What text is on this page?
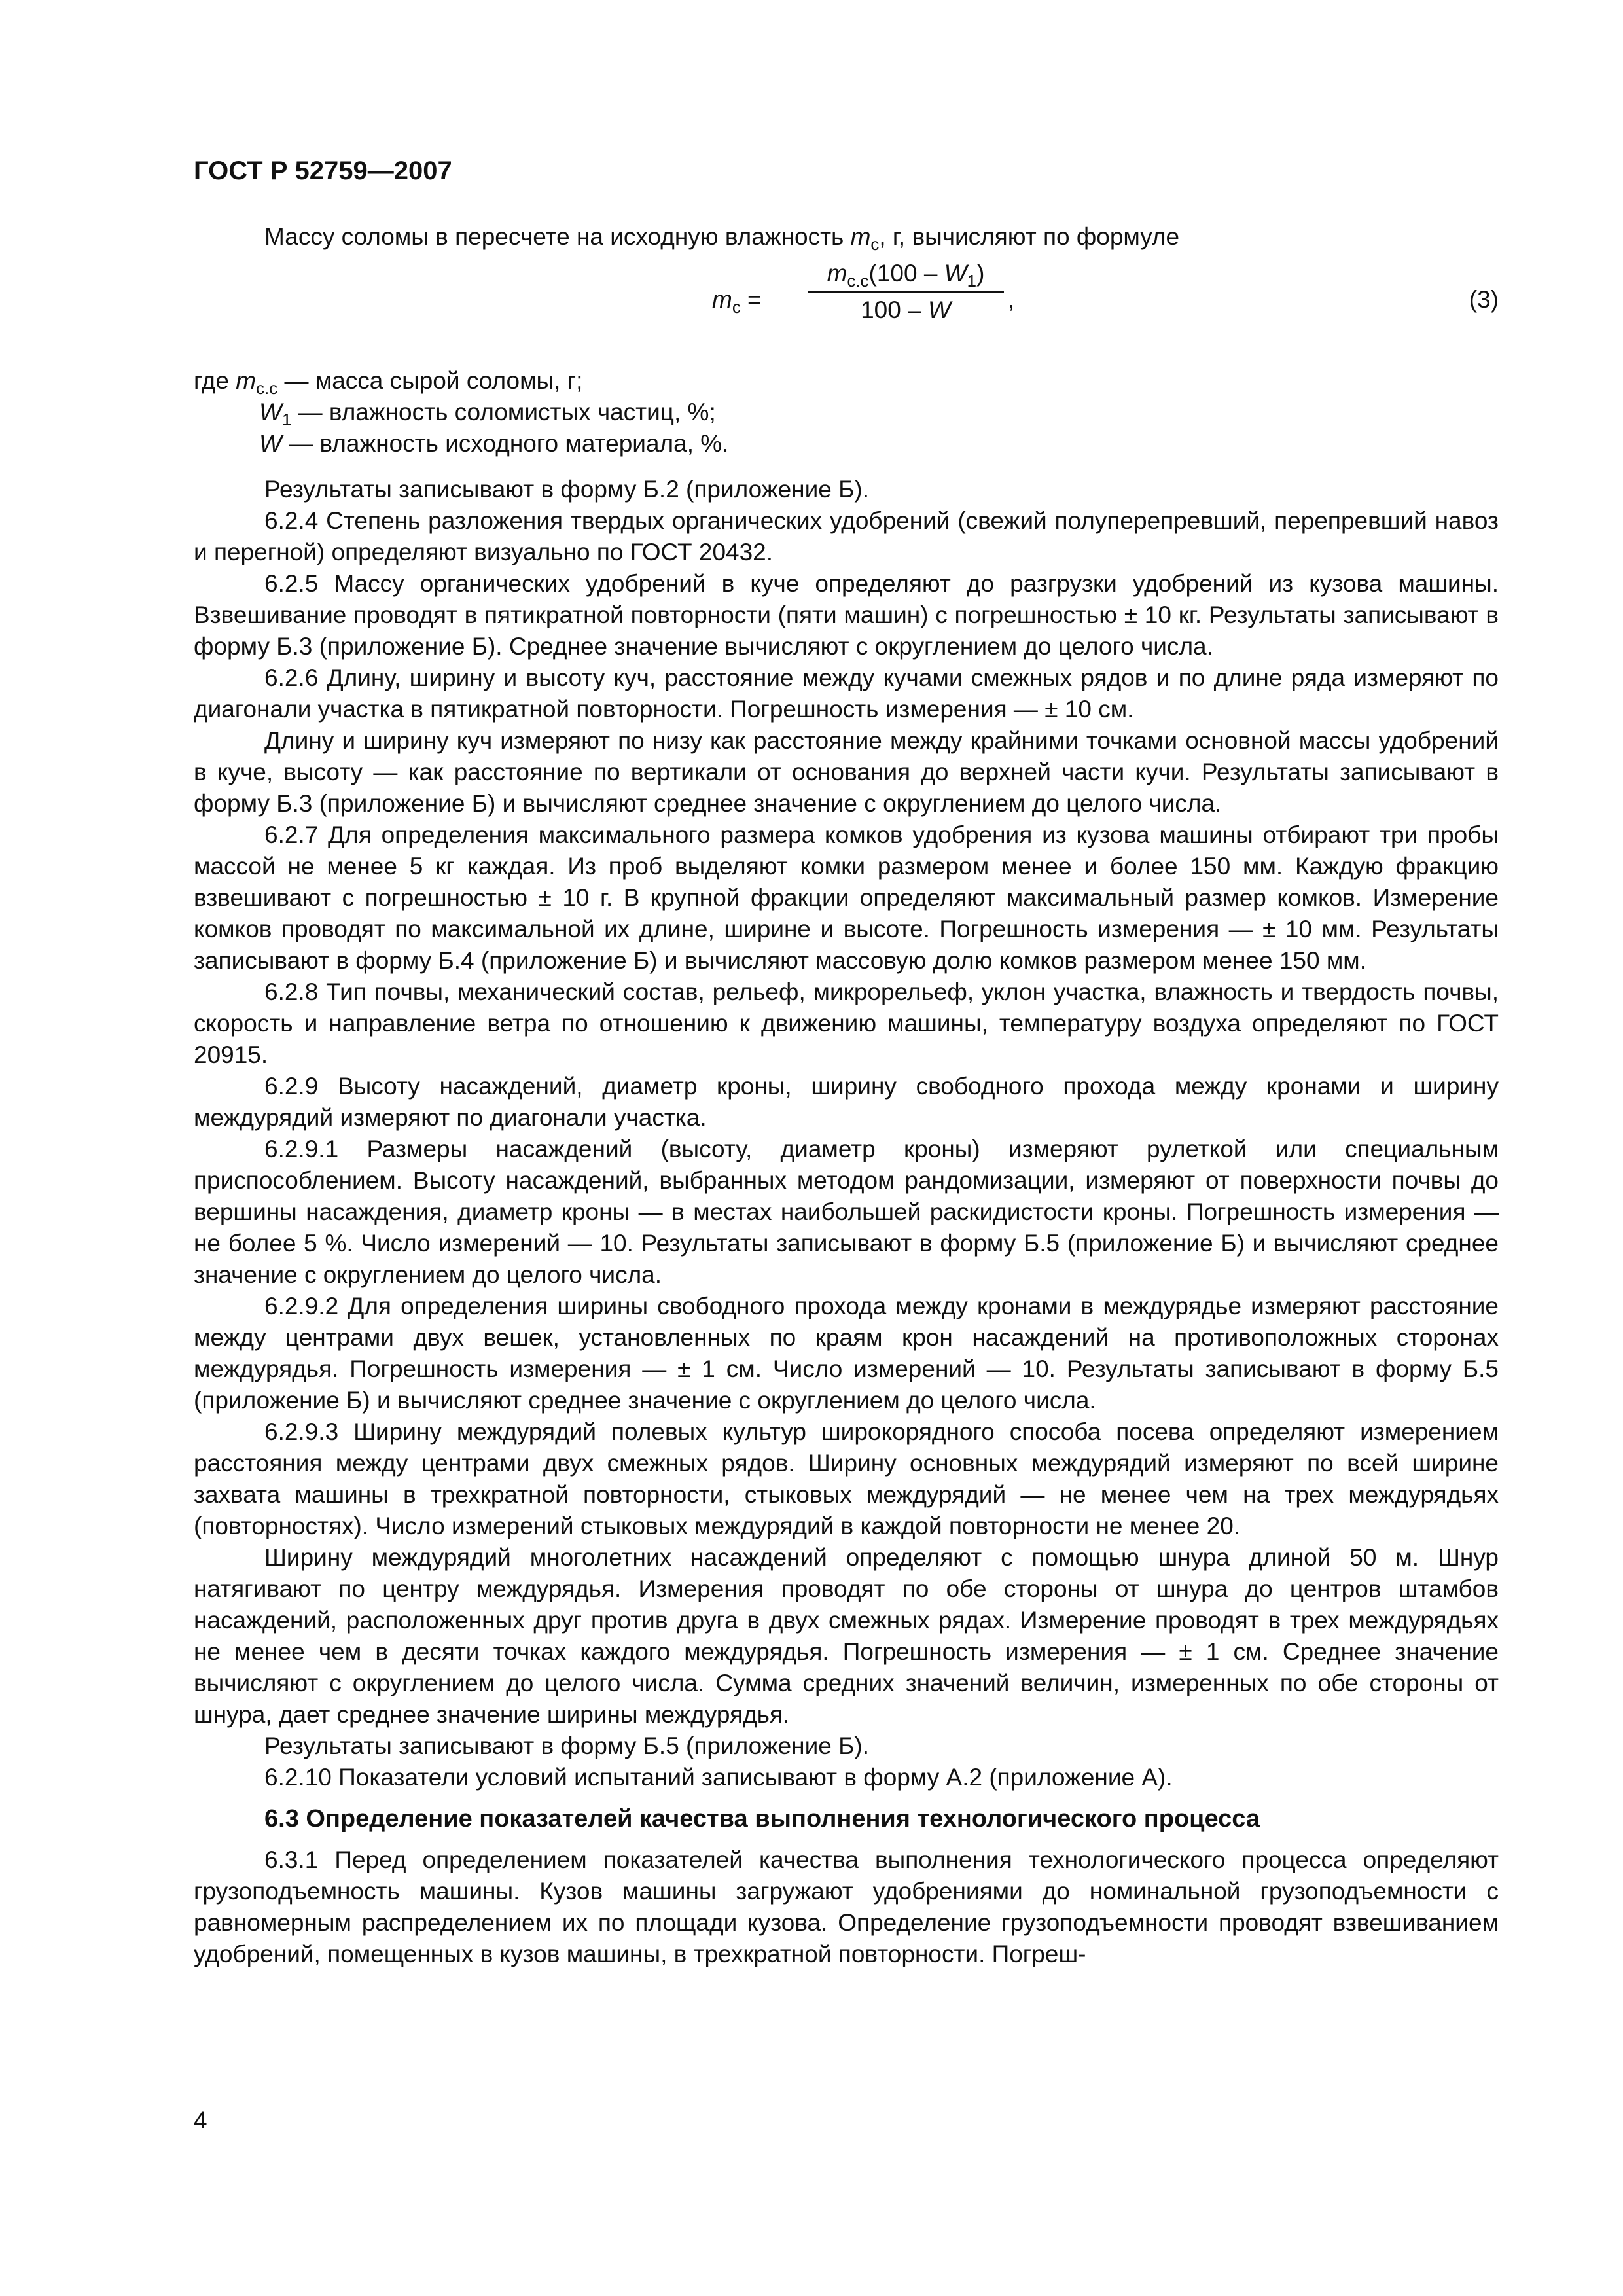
ГОСТ Р 52759—2007

Массу соломы в пересчете на исходную влажность $m_с$, г, вычисляют по формуле

$m_с$ =
$m_{с.с}(100 - W_1)$
100 – W	,	(3)
где $m_{с.с}$ — масса сырой соломы, г;
$W_1$ — влажность соломистых частиц, %;
W — влажность исходного материала, %.

Результаты записывают в форму Б.2 (приложение Б).

6.2.4 Степень разложения твердых органических удобрений (свежий полуперепревший, перепревший навоз и перегной) определяют визуально по ГОСТ 20432.

6.2.5 Массу органических удобрений в куче определяют до разгрузки удобрений из кузова машины. Взвешивание проводят в пятикратной повторности (пяти машин) с погрешностью ± 10 кг. Результаты записывают в форму Б.3 (приложение Б). Среднее значение вычисляют с округлением до целого числа.

6.2.6 Длину, ширину и высоту куч, расстояние между кучами смежных рядов и по длине ряда измеряют по диагонали участка в пятикратной повторности. Погрешность измерения — ± 10 см.

Длину и ширину куч измеряют по низу как расстояние между крайними точками основной массы удобрений в куче, высоту — как расстояние по вертикали от основания до верхней части кучи. Результаты записывают в форму Б.3 (приложение Б) и вычисляют среднее значение с округлением до целого числа.

6.2.7 Для определения максимального размера комков удобрения из кузова машины отбирают три пробы массой не менее 5 кг каждая. Из проб выделяют комки размером менее и более 150 мм. Каждую фракцию взвешивают с погрешностью ± 10 г. В крупной фракции определяют максимальный размер комков. Измерение комков проводят по максимальной их длине, ширине и высоте. Погрешность измерения — ± 10 мм. Результаты записывают в форму Б.4 (приложение Б) и вычисляют массовую долю комков размером менее 150 мм.

6.2.8 Тип почвы, механический состав, рельеф, микрорельеф, уклон участка, влажность и твердость почвы, скорость и направление ветра по отношению к движению машины, температуру воздуха определяют по ГОСТ 20915.

6.2.9 Высоту насаждений, диаметр кроны, ширину свободного прохода между кронами и ширину междурядий измеряют по диагонали участка.

6.2.9.1 Размеры насаждений (высоту, диаметр кроны) измеряют рулеткой или специальным приспособлением. Высоту насаждений, выбранных методом рандомизации, измеряют от поверхности почвы до вершины насаждения, диаметр кроны — в местах наибольшей раскидистости кроны. Погрешность измерения — не более 5 %. Число измерений — 10. Результаты записывают в форму Б.5 (приложение Б) и вычисляют среднее значение с округлением до целого числа.

6.2.9.2 Для определения ширины свободного прохода между кронами в междурядье измеряют расстояние между центрами двух вешек, установленных по краям крон насаждений на противоположных сторонах междурядья. Погрешность измерения — ± 1 см. Число измерений — 10. Результаты записывают в форму Б.5 (приложение Б) и вычисляют среднее значение с округлением до целого числа.

6.2.9.3 Ширину междурядий полевых культур широкорядного способа посева определяют измерением расстояния между центрами двух смежных рядов. Ширину основных междурядий измеряют по всей ширине захвата машины в трехкратной повторности, стыковых междурядий — не менее чем на трех междурядьях (повторностях). Число измерений стыковых междурядий в каждой повторности не менее 20.

Ширину междурядий многолетних насаждений определяют с помощью шнура длиной 50 м. Шнур натягивают по центру междурядья. Измерения проводят по обе стороны от шнура до центров штамбов насаждений, расположенных друг против друга в двух смежных рядах. Измерение проводят в трех междурядьях не менее чем в десяти точках каждого междурядья. Погрешность измерения — ± 1 см. Среднее значение вычисляют с округлением до целого числа. Сумма средних значений величин, измеренных по обе стороны от шнура, дает среднее значение ширины междурядья.

Результаты записывают в форму Б.5 (приложение Б).

6.2.10 Показатели условий испытаний записывают в форму А.2 (приложение А).

6.3 Определение показателей качества выполнения технологического процесса

6.3.1 Перед определением показателей качества выполнения технологического процесса определяют грузоподъемность машины. Кузов машины загружают удобрениями до номинальной грузоподъемности с равномерным распределением их по площади кузова. Определение грузоподъемности проводят взвешиванием удобрений, помещенных в кузов машины, в трехкратной повторности. Погреш-

4
